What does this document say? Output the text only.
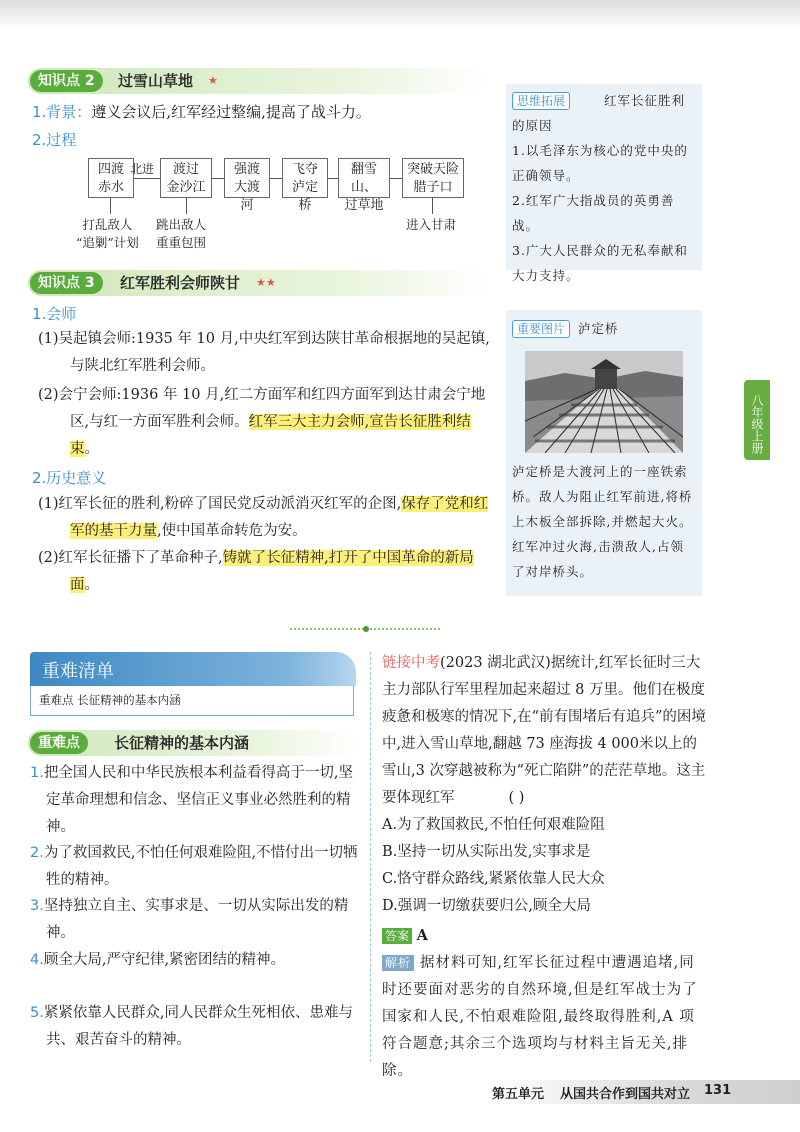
知识点 2	过雪山草地 ★
1.背景：遵义会议后,红军经过整编,提高了战斗力。
2.过程
四渡
赤水
渡过
金沙江
强渡
大渡河
飞夺
泸定桥
翻雪山、
过草地
突破天险
腊子口
北进
打乱敌人
“追剿”计划
跳出敌人
重重包围
进入甘肃
知识点 3	红军胜利会师陕甘 ★★
1.会师
(1)吴起镇会师:1935 年 10 月,中央红军到达陕甘革命根据地的吴起镇,与陕北红军胜利会师。
(2)会宁会师:1936 年 10 月,红二方面军和红四方面军到达甘肃会宁地区,与红一方面军胜利会师。红军三大主力会师,宣告长征胜利结束。
2.历史意义
(1)红军长征的胜利,粉碎了国民党反动派消灭红军的企图,保存了党和红军的基干力量,使中国革命转危为安。
(2)红军长征播下了革命种子,铸就了长征精神,打开了中国革命的新局面。
思维拓展	红军长征胜利的原因
1.以毛泽东为核心的党中央的正确领导。
2.红军广大指战员的英勇善战。
3.广大人民群众的无私奉献和大力支持。
重要图片 泸定桥
泸定桥是大渡河上的一座铁索桥。敌人为阻止红军前进,将桥上木板全部拆除,并燃起大火。红军冲过火海,击溃敌人,占领了对岸桥头。
八年级上册
重难清单
重难点 长征精神的基本内涵
重难点	长征精神的基本内涵
1.把全国人民和中华民族根本利益看得高于一切,坚定革命理想和信念、坚信正义事业必然胜利的精神。
2.为了救国救民,不怕任何艰难险阻,不惜付出一切牺牲的精神。
3.坚持独立自主、实事求是、一切从实际出发的精神。
4.顾全大局,严守纪律,紧密团结的精神。
5.紧紧依靠人民群众,同人民群众生死相依、患难与共、艰苦奋斗的精神。
链接中考(2023 湖北武汉)据统计,红军长征时三大主力部队行军里程加起来超过 8 万里。他们在极度疲惫和极寒的情况下,在“前有围堵后有追兵”的困境中,进入雪山草地,翻越 73 座海拔 4 000米以上的雪山,3 次穿越被称为“死亡陷阱”的茫茫草地。这主要体现红军	( )
A.为了救国救民,不怕任何艰难险阻
B.坚持一切从实际出发,实事求是
C.恪守群众路线,紧紧依靠人民大众
D.强调一切缴获要归公,顾全大局
答案 A
解析 据材料可知,红军长征过程中遭遇追堵,同时还要面对恶劣的自然环境,但是红军战士为了国家和人民,不怕艰难险阻,最终取得胜利,A 项符合题意;其余三个选项均与材料主旨无关,排除。
第五单元 从国共合作到国共对立 131
